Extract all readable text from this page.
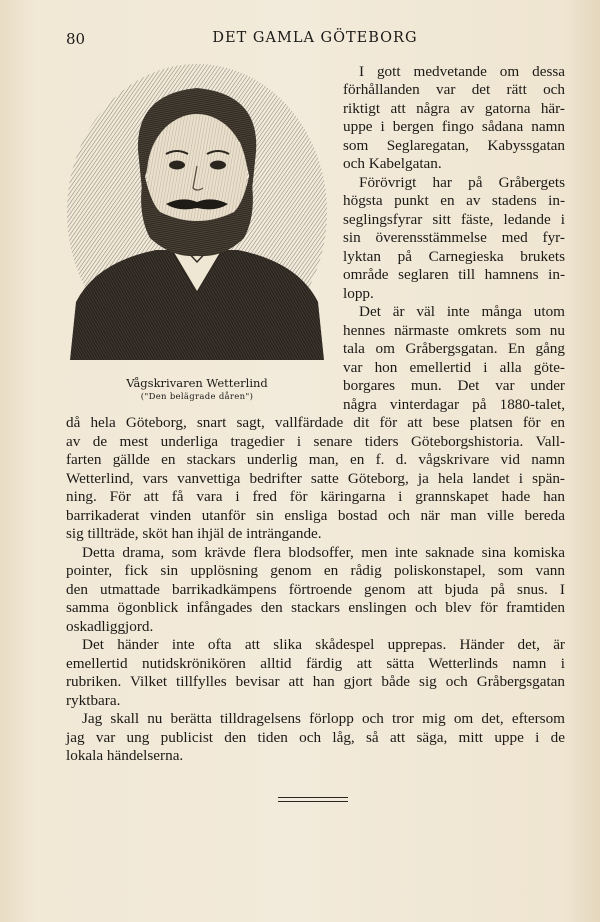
80	DET GAMLA GÖTEBORG
Vågskrivaren Wetterlind
("Den belägrade dåren")
I gott medvetande om dessa
förhållanden var det rätt och
riktigt att några av gatorna här-
uppe i bergen fingo sådana namn
som Seglaregatan, Kabyssgatan
och Kabelgatan.
Förövrigt har på Gråbergets
högsta punkt en av stadens in-
seglingsfyrar sitt fäste, ledande i
sin överensstämmelse med fyr-
lyktan på Carnegieska brukets
område seglaren till hamnens in-
lopp.
Det är väl inte många utom
hennes närmaste omkrets som nu
tala om Gråbergsgatan. En gång
var hon emellertid i alla göte-
borgares mun. Det var under
några vinterdagar på 1880-talet,
då hela Göteborg, snart sagt, vallfärdade dit för att bese platsen för en
av de mest underliga tragedier i senare tiders Göteborgshistoria. Vall-
farten gällde en stackars underlig man, en f. d. vågskrivare vid namn
Wetterlind, vars vanvettiga bedrifter satte Göteborg, ja hela landet i spän-
ning. För att få vara i fred för käringarna i grannskapet hade han
barrikaderat vinden utanför sin ensliga bostad och när man ville bereda
sig tillträde, sköt han ihjäl de inträngande.
Detta drama, som krävde flera blodsoffer, men inte saknade sina komiska
pointer, fick sin upplösning genom en rådig poliskonstapel, som vann
den utmattade barrikadkämpens förtroende genom att bjuda på snus. I
samma ögonblick infångades den stackars enslingen och blev för framtiden
oskadliggjord.
Det händer inte ofta att slika skådespel upprepas. Händer det, är
emellertid nutidskrönikören alltid färdig att sätta Wetterlinds namn i
rubriken. Vilket tillfylles bevisar att han gjort både sig och Gråbergsgatan
ryktbara.
Jag skall nu berätta tilldragelsens förlopp och tror mig om det, eftersom
jag var ung publicist den tiden och låg, så att säga, mitt uppe i de
lokala händelserna.
